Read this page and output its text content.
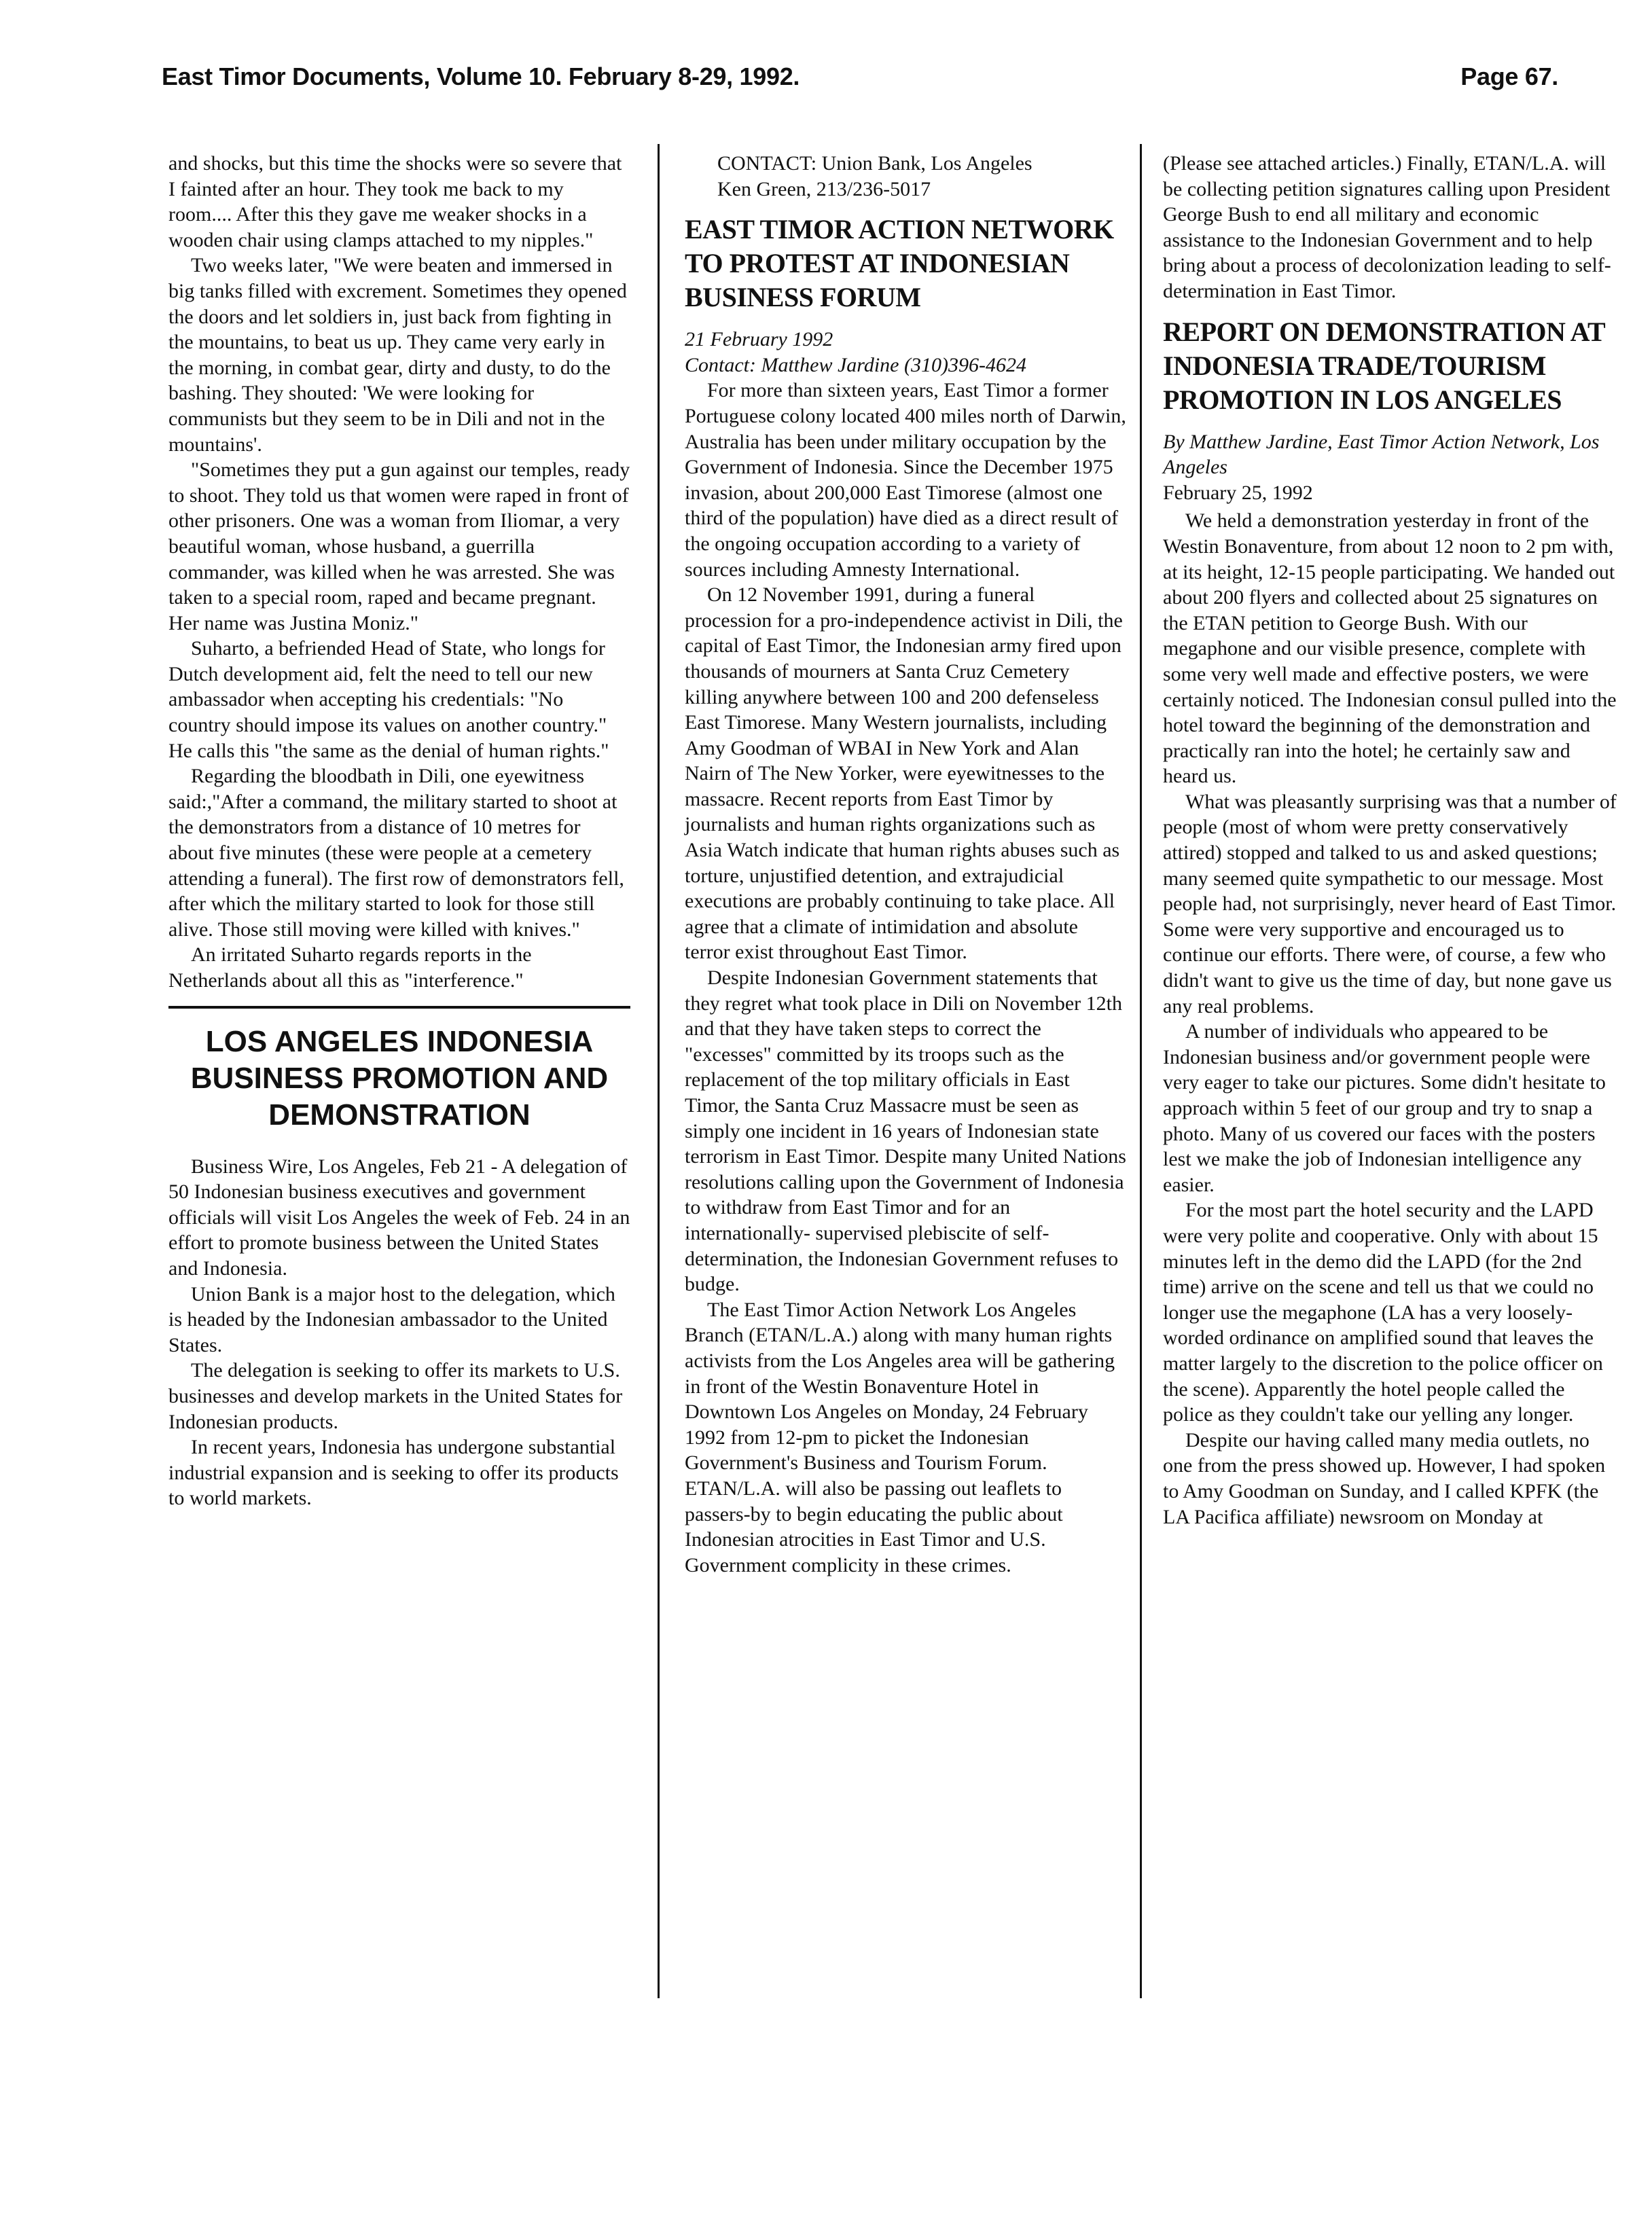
East Timor Documents, Volume 10. February 8-29, 1992.	Page 67.

and shocks, but this time the shocks were so severe that I fainted after an hour. They took me back to my room.... After this they gave me weaker shocks in a wooden chair using clamps attached to my nipples."

Two weeks later, "We were beaten and immersed in big tanks filled with excrement. Sometimes they opened the doors and let soldiers in, just back from fighting in the mountains, to beat us up. They came very early in the morning, in combat gear, dirty and dusty, to do the bashing. They shouted: 'We were looking for communists but they seem to be in Dili and not in the mountains'.

"Sometimes they put a gun against our temples, ready to shoot. They told us that women were raped in front of other prisoners. One was a woman from Iliomar, a very beautiful woman, whose husband, a guerrilla commander, was killed when he was arrested. She was taken to a special room, raped and became pregnant. Her name was Justina Moniz."

Suharto, a befriended Head of State, who longs for Dutch development aid, felt the need to tell our new ambassador when accepting his credentials: "No country should impose its values on another country." He calls this "the same as the denial of human rights."

Regarding the bloodbath in Dili, one eyewitness said:,"After a command, the military started to shoot at the demonstrators from a distance of 10 metres for about five minutes (these were people at a cemetery attending a funeral). The first row of demonstrators fell, after which the military started to look for those still alive. Those still moving were killed with knives."

An irritated Suharto regards reports in the Netherlands about all this as "interference."

LOS ANGELES INDONESIA BUSINESS PROMOTION AND DEMONSTRATION

Business Wire, Los Angeles, Feb 21 - A delegation of 50 Indonesian business executives and government officials will visit Los Angeles the week of Feb. 24 in an effort to promote business between the United States and Indonesia.

Union Bank is a major host to the delegation, which is headed by the Indonesian ambassador to the United States.

The delegation is seeking to offer its markets to U.S. businesses and develop markets in the United States for Indonesian products.

In recent years, Indonesia has undergone substantial industrial expansion and is seeking to offer its products to world markets.

CONTACT: Union Bank, Los Angeles

Ken Green, 213/236-5017

EAST TIMOR ACTION NETWORK TO PROTEST AT INDONESIAN BUSINESS FORUM

21 February 1992

Contact: Matthew Jardine (310)396-4624

For more than sixteen years, East Timor a former Portuguese colony located 400 miles north of Darwin, Australia has been under military occupation by the Government of Indonesia. Since the December 1975 invasion, about 200,000 East Timorese (almost one third of the population) have died as a direct result of the ongoing occupation according to a variety of sources including Amnesty International.

On 12 November 1991, during a funeral procession for a pro-independence activist in Dili, the capital of East Timor, the Indonesian army fired upon thousands of mourners at Santa Cruz Cemetery killing anywhere between 100 and 200 defenseless East Timorese. Many Western journalists, including Amy Goodman of WBAI in New York and Alan Nairn of The New Yorker, were eyewitnesses to the massacre. Recent reports from East Timor by journalists and human rights organizations such as Asia Watch indicate that human rights abuses such as torture, unjustified detention, and extrajudicial executions are probably continuing to take place. All agree that a climate of intimidation and absolute terror exist throughout East Timor.

Despite Indonesian Government statements that they regret what took place in Dili on November 12th and that they have taken steps to correct the "excesses" committed by its troops such as the replacement of the top military officials in East Timor, the Santa Cruz Massacre must be seen as simply one incident in 16 years of Indonesian state terrorism in East Timor. Despite many United Nations resolutions calling upon the Government of Indonesia to withdraw from East Timor and for an internationally- supervised plebiscite of self-determination, the Indonesian Government refuses to budge.

The East Timor Action Network Los Angeles Branch (ETAN/L.A.) along with many human rights activists from the Los Angeles area will be gathering in front of the Westin Bonaventure Hotel in Downtown Los Angeles on Monday, 24 February 1992 from 12-pm to picket the Indonesian Government's Business and Tourism Forum. ETAN/L.A. will also be passing out leaflets to passers-by to begin educating the public about Indonesian atrocities in East Timor and U.S. Government complicity in these crimes.

(Please see attached articles.) Finally, ETAN/L.A. will be collecting petition signatures calling upon President George Bush to end all military and economic assistance to the Indonesian Government and to help bring about a process of decolonization leading to self-determination in East Timor.

REPORT ON DEMONSTRATION AT INDONESIA TRADE/TOURISM PROMOTION IN LOS ANGELES

By Matthew Jardine, East Timor Action Network, Los Angeles

February 25, 1992

We held a demonstration yesterday in front of the Westin Bonaventure, from about 12 noon to 2 pm with, at its height, 12-15 people participating. We handed out about 200 flyers and collected about 25 signatures on the ETAN petition to George Bush. With our megaphone and our visible presence, complete with some very well made and effective posters, we were certainly noticed. The Indonesian consul pulled into the hotel toward the beginning of the demonstration and practically ran into the hotel; he certainly saw and heard us.

What was pleasantly surprising was that a number of people (most of whom were pretty conservatively attired) stopped and talked to us and asked questions; many seemed quite sympathetic to our message. Most people had, not surprisingly, never heard of East Timor. Some were very supportive and encouraged us to continue our efforts. There were, of course, a few who didn't want to give us the time of day, but none gave us any real problems.

A number of individuals who appeared to be Indonesian business and/or government people were very eager to take our pictures. Some didn't hesitate to approach within 5 feet of our group and try to snap a photo. Many of us covered our faces with the posters lest we make the job of Indonesian intelligence any easier.

For the most part the hotel security and the LAPD were very polite and cooperative. Only with about 15 minutes left in the demo did the LAPD (for the 2nd time) arrive on the scene and tell us that we could no longer use the megaphone (LA has a very loosely-worded ordinance on amplified sound that leaves the matter largely to the discretion to the police officer on the scene). Apparently the hotel people called the police as they couldn't take our yelling any longer.

Despite our having called many media outlets, no one from the press showed up. However, I had spoken to Amy Goodman on Sunday, and I called KPFK (the LA Pacifica affiliate) newsroom on Monday at
